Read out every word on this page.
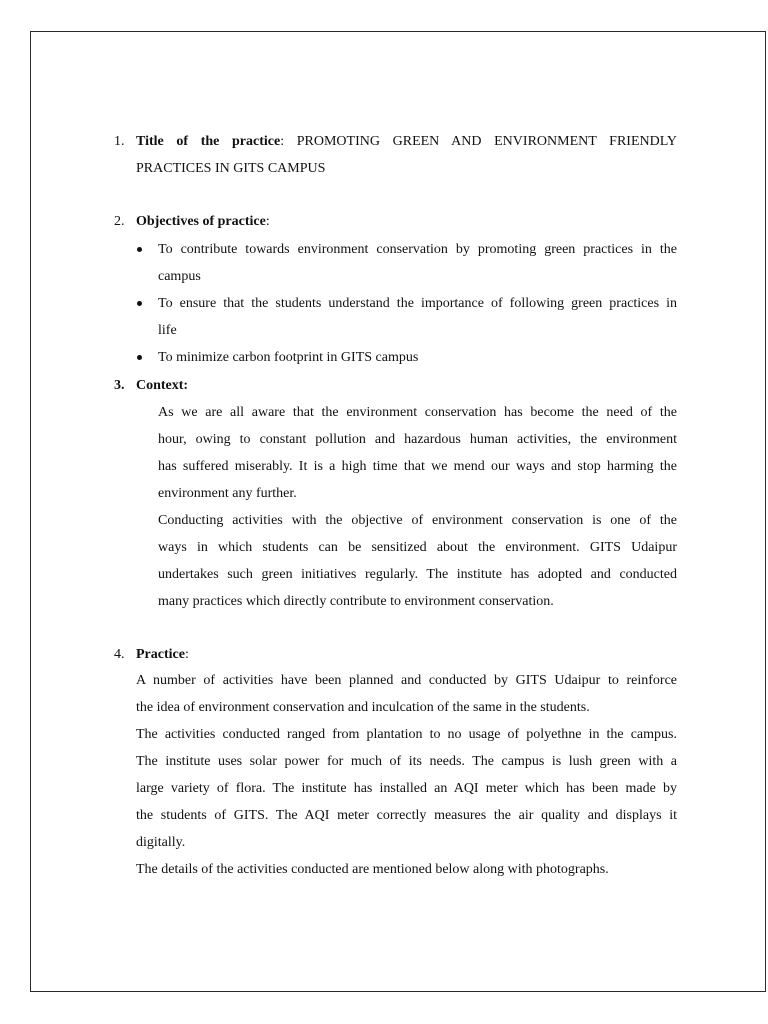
1. Title of the practice: PROMOTING GREEN AND ENVIRONMENT FRIENDLY
PRACTICES IN GITS CAMPUS
2. Objectives of practice:
To contribute towards environment conservation by promoting green practices in the
campus
To ensure that the students understand the importance of following green practices in
life
To minimize carbon footprint in GITS campus
3. Context:
As we are all aware that the environment conservation has become the need of the
hour, owing to constant pollution and hazardous human activities, the environment
has suffered miserably. It is a high time that we mend our ways and stop harming the
environment any further.
Conducting activities with the objective of environment conservation is one of the
ways in which students can be sensitized about the environment. GITS Udaipur
undertakes such green initiatives regularly. The institute has adopted and conducted
many practices which directly contribute to environment conservation.
4. Practice:
A number of activities have been planned and conducted by GITS Udaipur to reinforce
the idea of environment conservation and inculcation of the same in the students.
The activities conducted ranged from plantation to no usage of polyethne in the campus.
The institute uses solar power for much of its needs. The campus is lush green with a
large variety of flora. The institute has installed an AQI meter which has been made by
the students of GITS. The AQI meter correctly measures the air quality and displays it
digitally.
The details of the activities conducted are mentioned below along with photographs.
